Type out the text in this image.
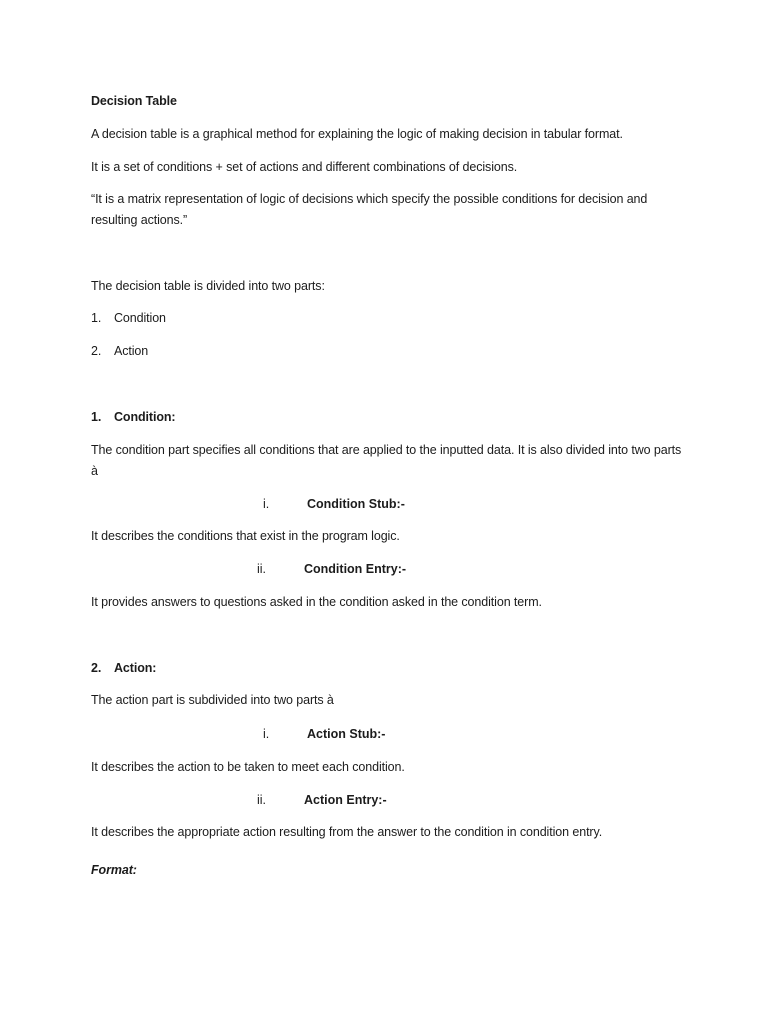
Decision Table
A decision table is a graphical method for explaining the logic of making decision in tabular format.
It is a set of conditions + set of actions and different combinations of decisions.
“It is a matrix representation of logic of decisions which specify the possible conditions for decision and resulting actions.”
The decision table is divided into two parts:
1. Condition
2. Action
1. Condition:
The condition part specifies all conditions that are applied to the inputted data. It is also divided into two parts à
i.	Condition Stub:-
It describes the conditions that exist in the program logic.
ii.	Condition Entry:-
It provides answers to questions asked in the condition asked in the condition term.
2. Action:
The action part is subdivided into two parts à
i.	Action Stub:-
It describes the action to be taken to meet each condition.
ii.	Action Entry:-
It describes the appropriate action resulting from the answer to the condition in condition entry.
Format:
